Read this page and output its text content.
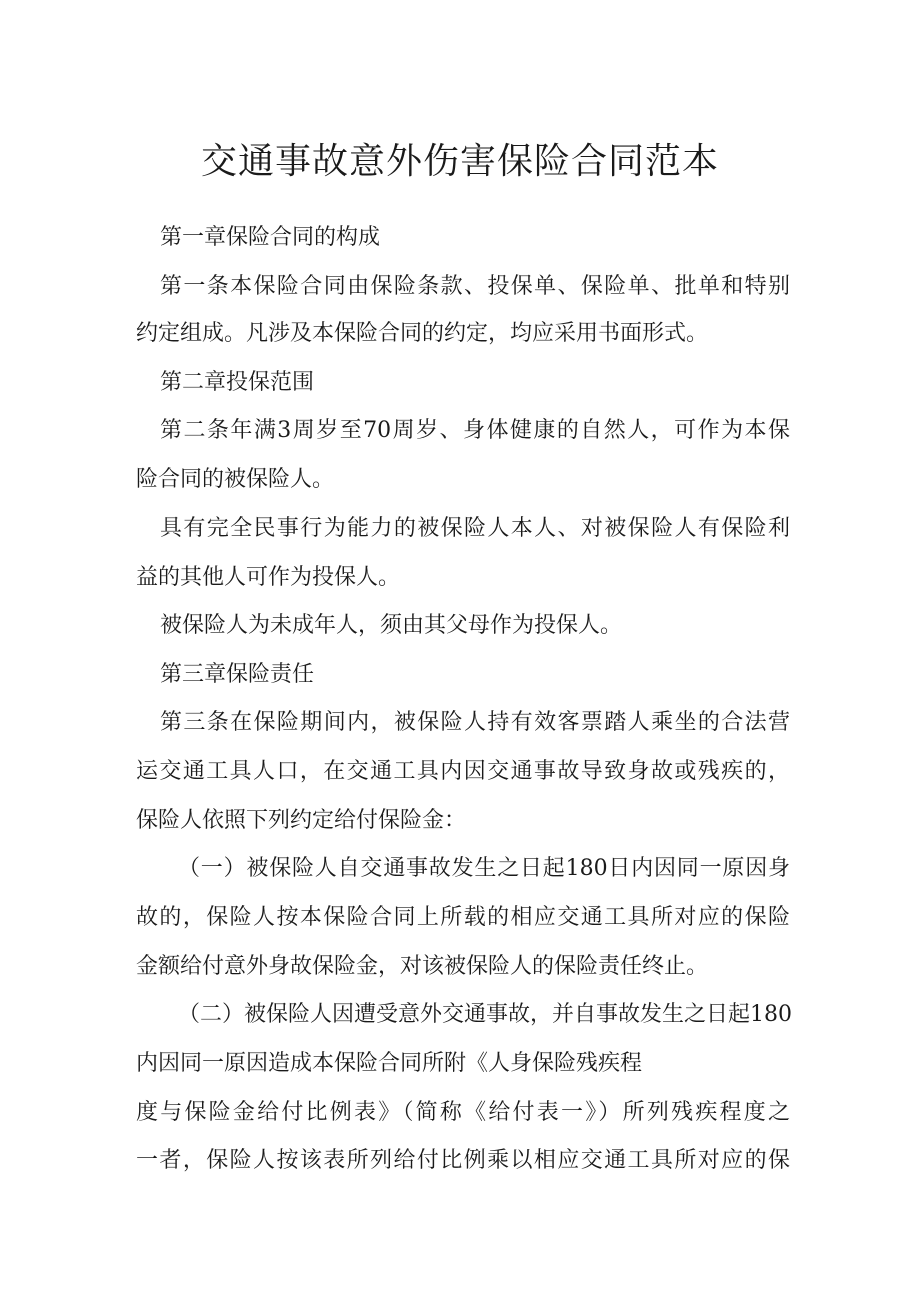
交通事故意外伤害保险合同范本

第一章保险合同的构成

第一条本保险合同由保险条款、投保单、保险单、批单和特别

约定组成。凡涉及本保险合同的约定，均应采用书面形式。

第二章投保范围

第二条年满3周岁至70周岁、身体健康的自然人，可作为本保

险合同的被保险人。

具有完全民事行为能力的被保险人本人、对被保险人有保险利

益的其他人可作为投保人。

被保险人为未成年人，须由其父母作为投保人。

第三章保险责任

第三条在保险期间内，被保险人持有效客票踏人乘坐的合法营

运交通工具人口，在交通工具内因交通事故导致身故或残疾的，

保险人依照下列约定给付保险金：

（一）被保险人自交通事故发生之日起180日内因同一原因身

故的，保险人按本保险合同上所载的相应交通工具所对应的保险

金额给付意外身故保险金，对该被保险人的保险责任终止。

（二）被保险人因遭受意外交通事故，并自事故发生之日起180

内因同一原因造成本保险合同所附《人身保险残疾程

度与保险金给付比例表》（简称《给付表一》）所列残疾程度之

一者，保险人按该表所列给付比例乘以相应交通工具所对应的保
